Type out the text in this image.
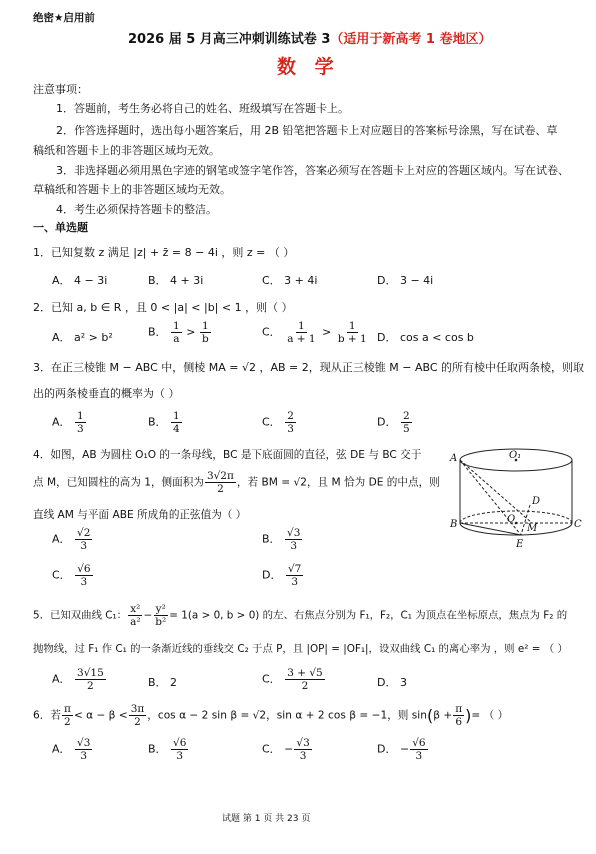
绝密★启用前
2026 届 5 月高三冲刺训练试卷 3（适用于新高考 1 卷地区）
数 学
注意事项：
1．答题前，考生务必将自己的姓名、班级填写在答题卡上。
2．作答选择题时，选出每小题答案后，用 2B 铅笔把答题卡上对应题目的答案标号涂黑，写在试卷、草
稿纸和答题卡上的非答题区域均无效。
3．非选择题必须用黑色字迹的钢笔或签字笔作答，答案必须写在答题卡上对应的答题区域内。写在试卷、
草稿纸和答题卡上的非答题区域均无效。
4．考生必须保持答题卡的整洁。
一、单选题
1．已知复数 z 满足 |z| + z̄ = 8 − 4i ，则 z = （ ）
A． 4 − 3i	B． 4 + 3i	C． 3 + 4i	D． 3 − 4i
2．已知 a, b ∈ R ，且 0 < |a| < |b| < 1 ，则（ ）
A． a² > b²	B． $\frac{1}{a} > \frac{1}{b}$	C． $\frac{1}{a + 1} > \frac{1}{b + 1}$ D． cos a < cos b
3．在正三棱锥 M − ABC 中，侧棱 MA = √2 ，AB = 2，现从正三棱锥 M − ABC 的所有棱中任取两条棱，则取
出的两条棱垂直的概率为（ ）
A． $\frac{1}{3}$	B． $\frac{1}{4}$	C． $\frac{2}{3}$	D． $\frac{2}{5}$
4．如图，AB 为圆柱 O₁O 的一条母线，BC 是下底面圆的直径，弦 DE 与 BC 交于
点 M，已知圆柱的高为 1，侧面积为 $\frac{3√2\pi}{2}$ ，若 BM = √2，且 M 恰为 DE 的中点，则
直线 AM 与平面 ABE 所成角的正弦值为（ ）
A． $\frac{√2}{3}$	B． $\frac{√3}{3}$
C． $\frac{√6}{3}$	D． $\frac{√7}{3}$
A	O₁
D
O
M
B	C
E
5．已知双曲线 C₁： $\frac{\text{x²}}{\text{a²}} - \frac{\text{y²}}{\text{b²}} = 1(a > 0$, b > 0) 的左、右焦点分别为 F₁，F₂，C₁ 为顶点在坐标原点，焦点为 F₂ 的
抛物线，过 F₁ 作 C₁ 的一条渐近线的垂线交 C₂ 于点 P，且 |OP| = |OF₁|，设双曲线 C₁ 的离心率为 ，则 e² = （ ）
A． $\frac{3√15}{2}$	B． 2	C． $\frac{3 + √5}{2}$	D． 3
6．若 $\frac{\pi}{2} < \alpha - \beta < \frac{3\pi}{2}$ ，cos α − 2 sin β = √2，sin α + 2 cos β = −1，则 $\sin(\beta + \frac{\pi}{6}$ )= （ ）
A． $\frac{√3}{3}$	B． $\frac{√6}{3}$	C． − $\frac{√3}{3}$	D． − $\frac{√6}{3}$
试题 第 1 页 共 23 页
